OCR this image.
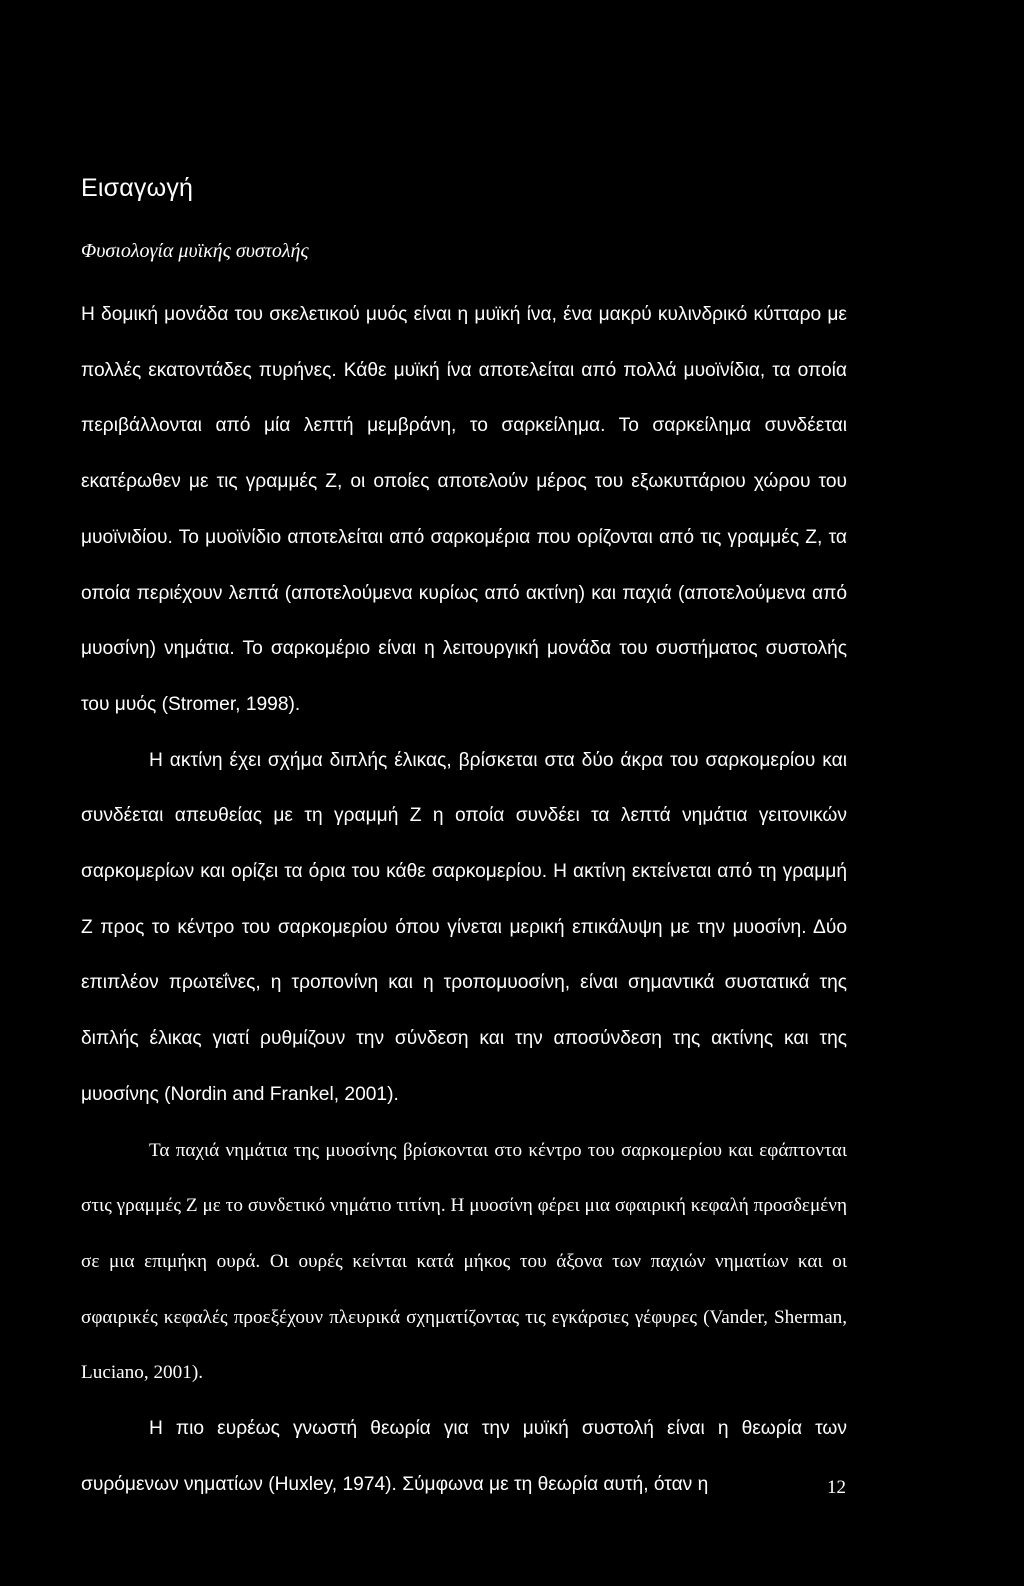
Εισαγωγή
Φυσιολογία μυϊκής συστολής

Η δομική μονάδα του σκελετικού μυός είναι η μυϊκή ίνα, ένα μακρύ κυλινδρικό κύτταρο με πολλές εκατοντάδες πυρήνες. Κάθε μυϊκή ίνα αποτελείται από πολλά μυοϊνίδια, τα οποία περιβάλλονται από μία λεπτή μεμβράνη, το σαρκείλημα. Το σαρκείλημα συνδέεται εκατέρωθεν με τις γραμμές Ζ, οι οποίες αποτελούν μέρος του εξωκυττάριου χώρου του μυοϊνιδίου. Το μυοϊνίδιο αποτελείται από σαρκομέρια που ορίζονται από τις γραμμές Ζ, τα οποία περιέχουν λεπτά (αποτελούμενα κυρίως από ακτίνη) και παχιά (αποτελούμενα από μυοσίνη) νημάτια. Το σαρκομέριο είναι η λειτουργική μονάδα του συστήματος συστολής του μυός (Stromer, 1998).

Η ακτίνη έχει σχήμα διπλής έλικας, βρίσκεται στα δύο άκρα του σαρκομερίου και συνδέεται απευθείας με τη γραμμή Ζ η οποία συνδέει τα λεπτά νημάτια γειτονικών σαρκομερίων και ορίζει τα όρια του κάθε σαρκομερίου. Η ακτίνη εκτείνεται από τη γραμμή Ζ προς το κέντρο του σαρκομερίου όπου γίνεται μερική επικάλυψη με την μυοσίνη. Δύο επιπλέον πρωτεΐνες, η τροπονίνη και η τροπομυοσίνη, είναι σημαντικά συστατικά της διπλής έλικας γιατί ρυθμίζουν την σύνδεση και την αποσύνδεση της ακτίνης και της μυοσίνης (Nordin and Frankel, 2001).

Τα παχιά νημάτια της μυοσίνης βρίσκονται στο κέντρο του σαρκομερίου και εφάπτονται στις γραμμές Ζ με το συνδετικό νημάτιο τιτίνη. Η μυοσίνη φέρει μια σφαιρική κεφαλή προσδεμένη σε μια επιμήκη ουρά. Οι ουρές κείνται κατά μήκος του άξονα των παχιών νηματίων και οι σφαιρικές κεφαλές προεξέχουν πλευρικά σχηματίζοντας τις εγκάρσιες γέφυρες (Vander, Sherman, Luciano, 2001).

Η πιο ευρέως γνωστή θεωρία για την μυϊκή συστολή είναι η θεωρία των συρόμενων νηματίων (Huxley, 1974). Σύμφωνα με τη θεωρία αυτή, όταν η	12
